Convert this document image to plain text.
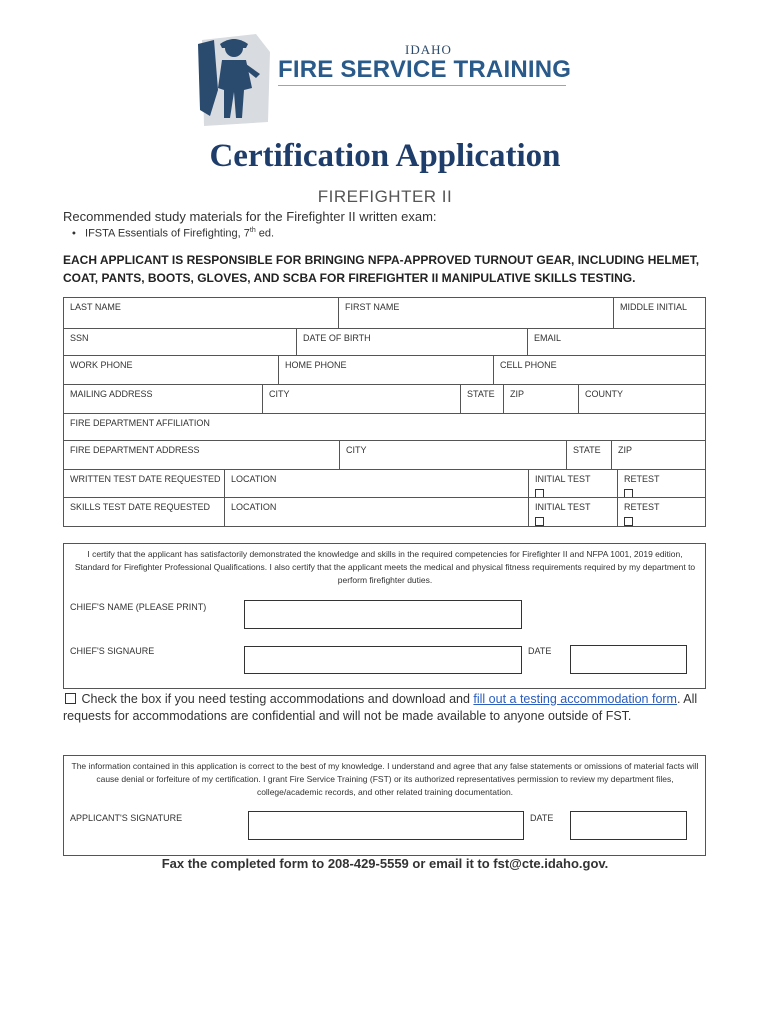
IDAHO
FIRE SERVICE TRAINING
Certification Application
FIREFIGHTER II
Recommended study materials for the Firefighter II written exam:
•   IFSTA Essentials of Firefighting, 7th ed.
EACH APPLICANT IS RESPONSIBLE FOR BRINGING NFPA-APPROVED TURNOUT GEAR, INCLUDING HELMET, COAT, PANTS, BOOTS, GLOVES, AND SCBA FOR FIREFIGHTER II MANIPULATIVE SKILLS TESTING.
LAST NAME	FIRST NAME	MIDDLE INITIAL
SSN	DATE OF BIRTH	EMAIL
WORK PHONE	HOME PHONE	CELL PHONE
MAILING ADDRESS	CITY	STATE	ZIP	COUNTY
FIRE DEPARTMENT AFFILIATION
FIRE DEPARTMENT ADDRESS	CITY	STATE	ZIP
WRITTEN TEST DATE REQUESTED	LOCATION	INITIAL TEST	RETEST

SKILLS TEST DATE REQUESTED	LOCATION	INITIAL TEST	RETEST

I certify that the applicant has satisfactorily demonstrated the knowledge and skills in the required competencies for Firefighter II and NFPA 1001, 2019 edition, Standard for Firefighter Professional Qualifications. I also certify that the applicant meets the medical and physical fitness requirements required by my department to perform firefighter duties.
CHIEF'S NAME (PLEASE PRINT)
CHIEF'S SIGNAURE	DATE
Check the box if you need testing accommodations and download and fill out a testing accommodation form. All requests for accommodations are confidential and will not be made available to anyone outside of FST.
The information contained in this application is correct to the best of my knowledge. I understand and agree that any false statements or omissions of material facts will cause denial or forfeiture of my certification. I grant Fire Service Training (FST) or its authorized representatives permission to review my department files, college/academic records, and other related training documentation.
APPLICANT'S SIGNATURE	DATE
Fax the completed form to 208-429-5559 or email it to fst@cte.idaho.gov.
